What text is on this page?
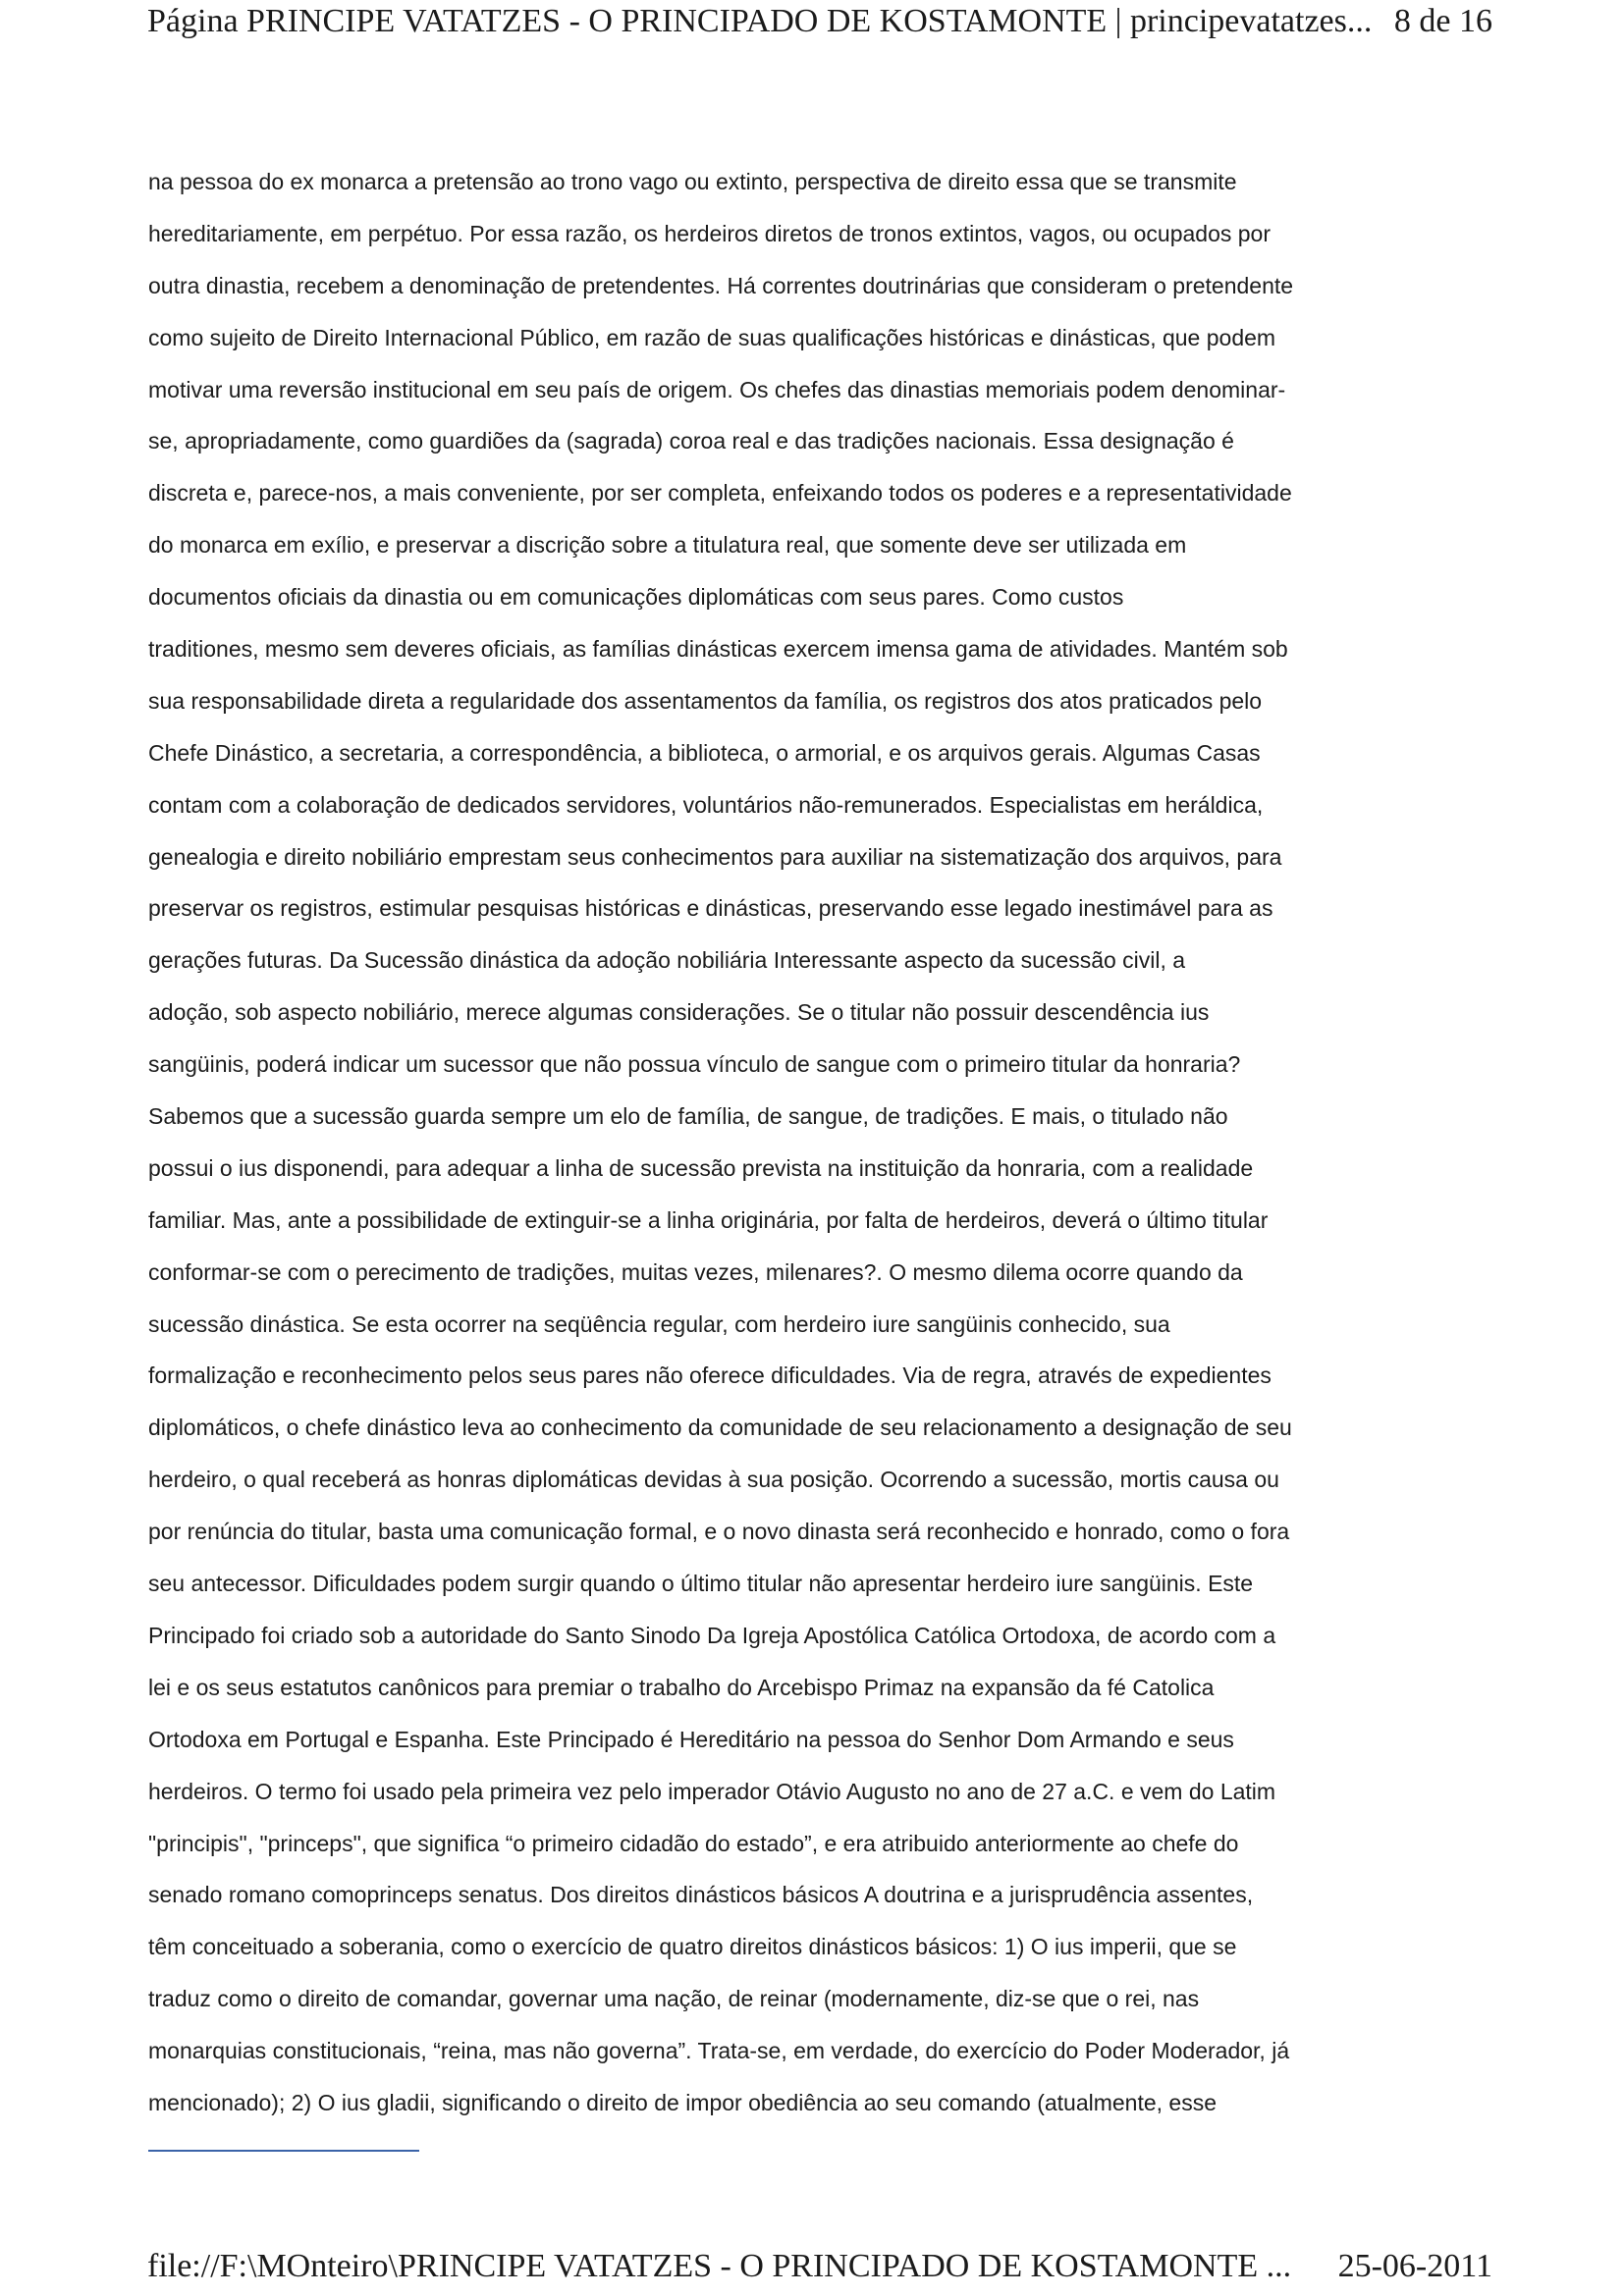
Página PRINCIPE VATATZES - O PRINCIPADO DE KOSTAMONTE | principevatatzes... 8 de 16
na pessoa do ex monarca a pretensão ao trono vago ou extinto, perspectiva de direito essa que se transmite
hereditariamente, em perpétuo. Por essa razão, os herdeiros diretos de tronos extintos, vagos, ou ocupados por
outra dinastia, recebem a denominação de pretendentes. Há correntes doutrinárias que consideram o pretendente
como sujeito de Direito Internacional Público, em razão de suas qualificações históricas e dinásticas, que podem
motivar uma reversão institucional em seu país de origem. Os chefes das dinastias memoriais podem denominar-
se, apropriadamente, como guardiões da (sagrada) coroa real e das tradições nacionais. Essa designação é
discreta e, parece-nos, a mais conveniente, por ser completa, enfeixando todos os poderes e a representatividade
do monarca em exílio, e preservar a discrição sobre a titulatura real, que somente deve ser utilizada em
documentos oficiais da dinastia ou em comunicações diplomáticas com seus pares. Como custos
traditiones, mesmo sem deveres oficiais, as famílias dinásticas exercem imensa gama de atividades. Mantém sob
sua responsabilidade direta a regularidade dos assentamentos da família, os registros dos atos praticados pelo
Chefe Dinástico, a secretaria, a correspondência, a biblioteca, o armorial, e os arquivos gerais. Algumas Casas
contam com a colaboração de dedicados servidores, voluntários não-remunerados. Especialistas em heráldica,
genealogia e direito nobiliário emprestam seus conhecimentos para auxiliar na sistematização dos arquivos, para
preservar os registros, estimular pesquisas históricas e dinásticas, preservando esse legado inestimável para as
gerações futuras. Da Sucessão dinástica da adoção nobiliária Interessante aspecto da sucessão civil, a
adoção, sob aspecto nobiliário, merece algumas considerações. Se o titular não possuir descendência ius
sangüinis, poderá indicar um sucessor que não possua vínculo de sangue com o primeiro titular da honraria?
Sabemos que a sucessão guarda sempre um elo de família, de sangue, de tradições. E mais, o titulado não
possui o ius disponendi, para adequar a linha de sucessão prevista na instituição da honraria, com a realidade
familiar. Mas, ante a possibilidade de extinguir-se a linha originária, por falta de herdeiros, deverá o último titular
conformar-se com o perecimento de tradições, muitas vezes, milenares?. O mesmo dilema ocorre quando da
sucessão dinástica. Se esta ocorrer na seqüência regular, com herdeiro iure sangüinis conhecido, sua
formalização e reconhecimento pelos seus pares não oferece dificuldades. Via de regra, através de expedientes
diplomáticos, o chefe dinástico leva ao conhecimento da comunidade de seu relacionamento a designação de seu
herdeiro, o qual receberá as honras diplomáticas devidas à sua posição. Ocorrendo a sucessão, mortis causa ou
por renúncia do titular, basta uma comunicação formal, e o novo dinasta será reconhecido e honrado, como o fora
seu antecessor. Dificuldades podem surgir quando o último titular não apresentar herdeiro iure sangüinis. Este
Principado foi criado sob a autoridade do Santo Sinodo Da Igreja Apostólica Católica Ortodoxa, de acordo com a
lei e os seus estatutos canônicos para premiar o trabalho do Arcebispo Primaz na expansão da fé Catolica
Ortodoxa em Portugal e Espanha. Este Principado é Hereditário na pessoa do Senhor Dom Armando e seus
herdeiros. O termo foi usado pela primeira vez pelo imperador Otávio Augusto no ano de 27 a.C. e vem do Latim
"principis", "princeps", que significa “o primeiro cidadão do estado”, e era atribuido anteriormente ao chefe do
senado romano comoprinceps senatus. Dos direitos dinásticos básicos A doutrina e a jurisprudência assentes,
têm conceituado a soberania, como o exercício de quatro direitos dinásticos básicos: 1) O ius imperii, que se
traduz como o direito de comandar, governar uma nação, de reinar (modernamente, diz-se que o rei, nas
monarquias constitucionais, “reina, mas não governa”. Trata-se, em verdade, do exercício do Poder Moderador, já
mencionado); 2) O ius gladii, significando o direito de impor obediência ao seu comando (atualmente, esse
file://F:\MOnteiro\PRINCIPE VATATZES - O PRINCIPADO DE KOSTAMONTE ... 25-06-2011
